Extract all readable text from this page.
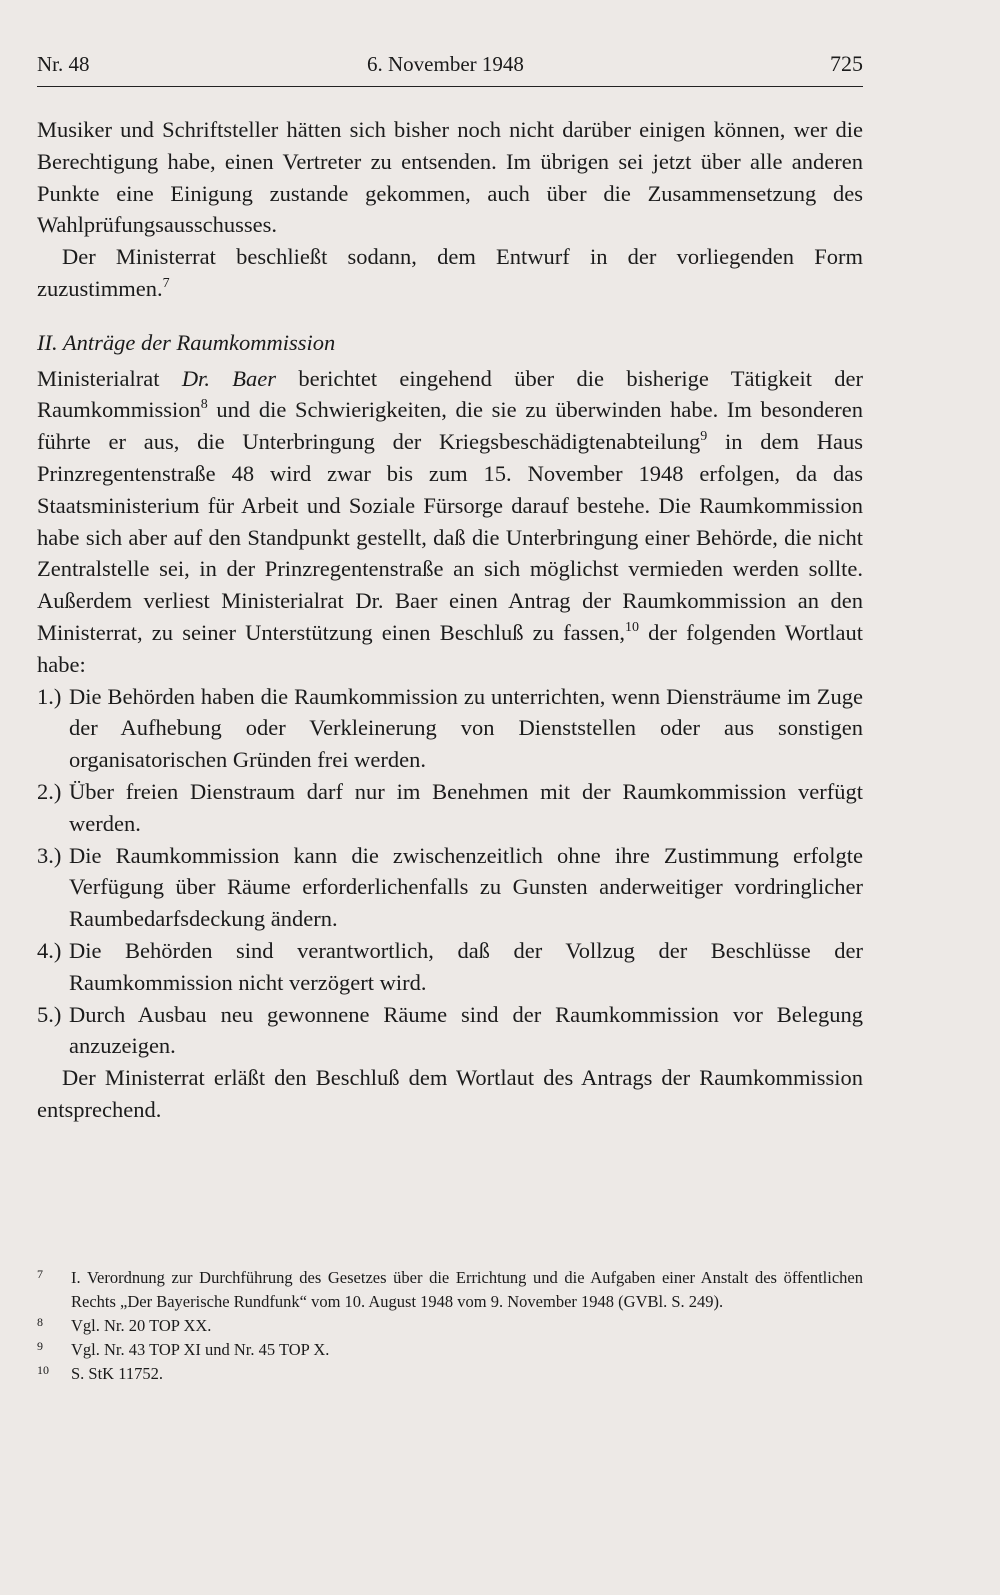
Nr. 48	6. November 1948	725

Musiker und Schriftsteller hätten sich bisher noch nicht darüber einigen können, wer die Berechtigung habe, einen Vertreter zu entsenden. Im übrigen sei jetzt über alle anderen Punkte eine Einigung zustande gekommen, auch über die Zusammensetzung des Wahlprüfungsausschusses.

Der Ministerrat beschließt sodann, dem Entwurf in der vorliegenden Form zuzustimmen.$^7$

II. Anträge der Raumkommission

Ministerialrat Dr. Baer berichtet eingehend über die bisherige Tätigkeit der Raumkommission$^8$ und die Schwierigkeiten, die sie zu überwinden habe. Im besonderen führte er aus, die Unterbringung der Kriegsbeschädigtenabteilung$^9$ in dem Haus Prinzregentenstraße 48 wird zwar bis zum 15. November 1948 erfolgen, da das Staatsministerium für Arbeit und Soziale Fürsorge darauf bestehe. Die Raumkommission habe sich aber auf den Standpunkt gestellt, daß die Unterbringung einer Behörde, die nicht Zentralstelle sei, in der Prinzregentenstraße an sich möglichst vermieden werden sollte. Außerdem verliest Ministerialrat Dr. Baer einen Antrag der Raumkommission an den Ministerrat, zu seiner Unterstützung einen Beschluß zu fassen,$^{10}$ der folgenden Wortlaut habe:

1.) Die Behörden haben die Raumkommission zu unterrichten, wenn Diensträume im Zuge der Aufhebung oder Verkleinerung von Dienststellen oder aus sonstigen organisatorischen Gründen frei werden.
2.) Über freien Dienstraum darf nur im Benehmen mit der Raumkommission verfügt werden.
3.) Die Raumkommission kann die zwischenzeitlich ohne ihre Zustimmung erfolgte Verfügung über Räume erforderlichenfalls zu Gunsten anderweitiger vordringlicher Raumbedarfsdeckung ändern.
4.) Die Behörden sind verantwortlich, daß der Vollzug der Beschlüsse der Raumkommission nicht verzögert wird.
5.) Durch Ausbau neu gewonnene Räume sind der Raumkommission vor Belegung anzuzeigen.

Der Ministerrat erläßt den Beschluß dem Wortlaut des Antrags der Raumkommission entsprechend.

7 I. Verordnung zur Durchführung des Gesetzes über die Errichtung und die Aufgaben einer Anstalt des öffentlichen Rechts „Der Bayerische Rundfunk“ vom 10. August 1948 vom 9. November 1948 (GVBl. S. 249).
8 Vgl. Nr. 20 TOP XX.
9 Vgl. Nr. 43 TOP XI und Nr. 45 TOP X.
10 S. StK 11752.
